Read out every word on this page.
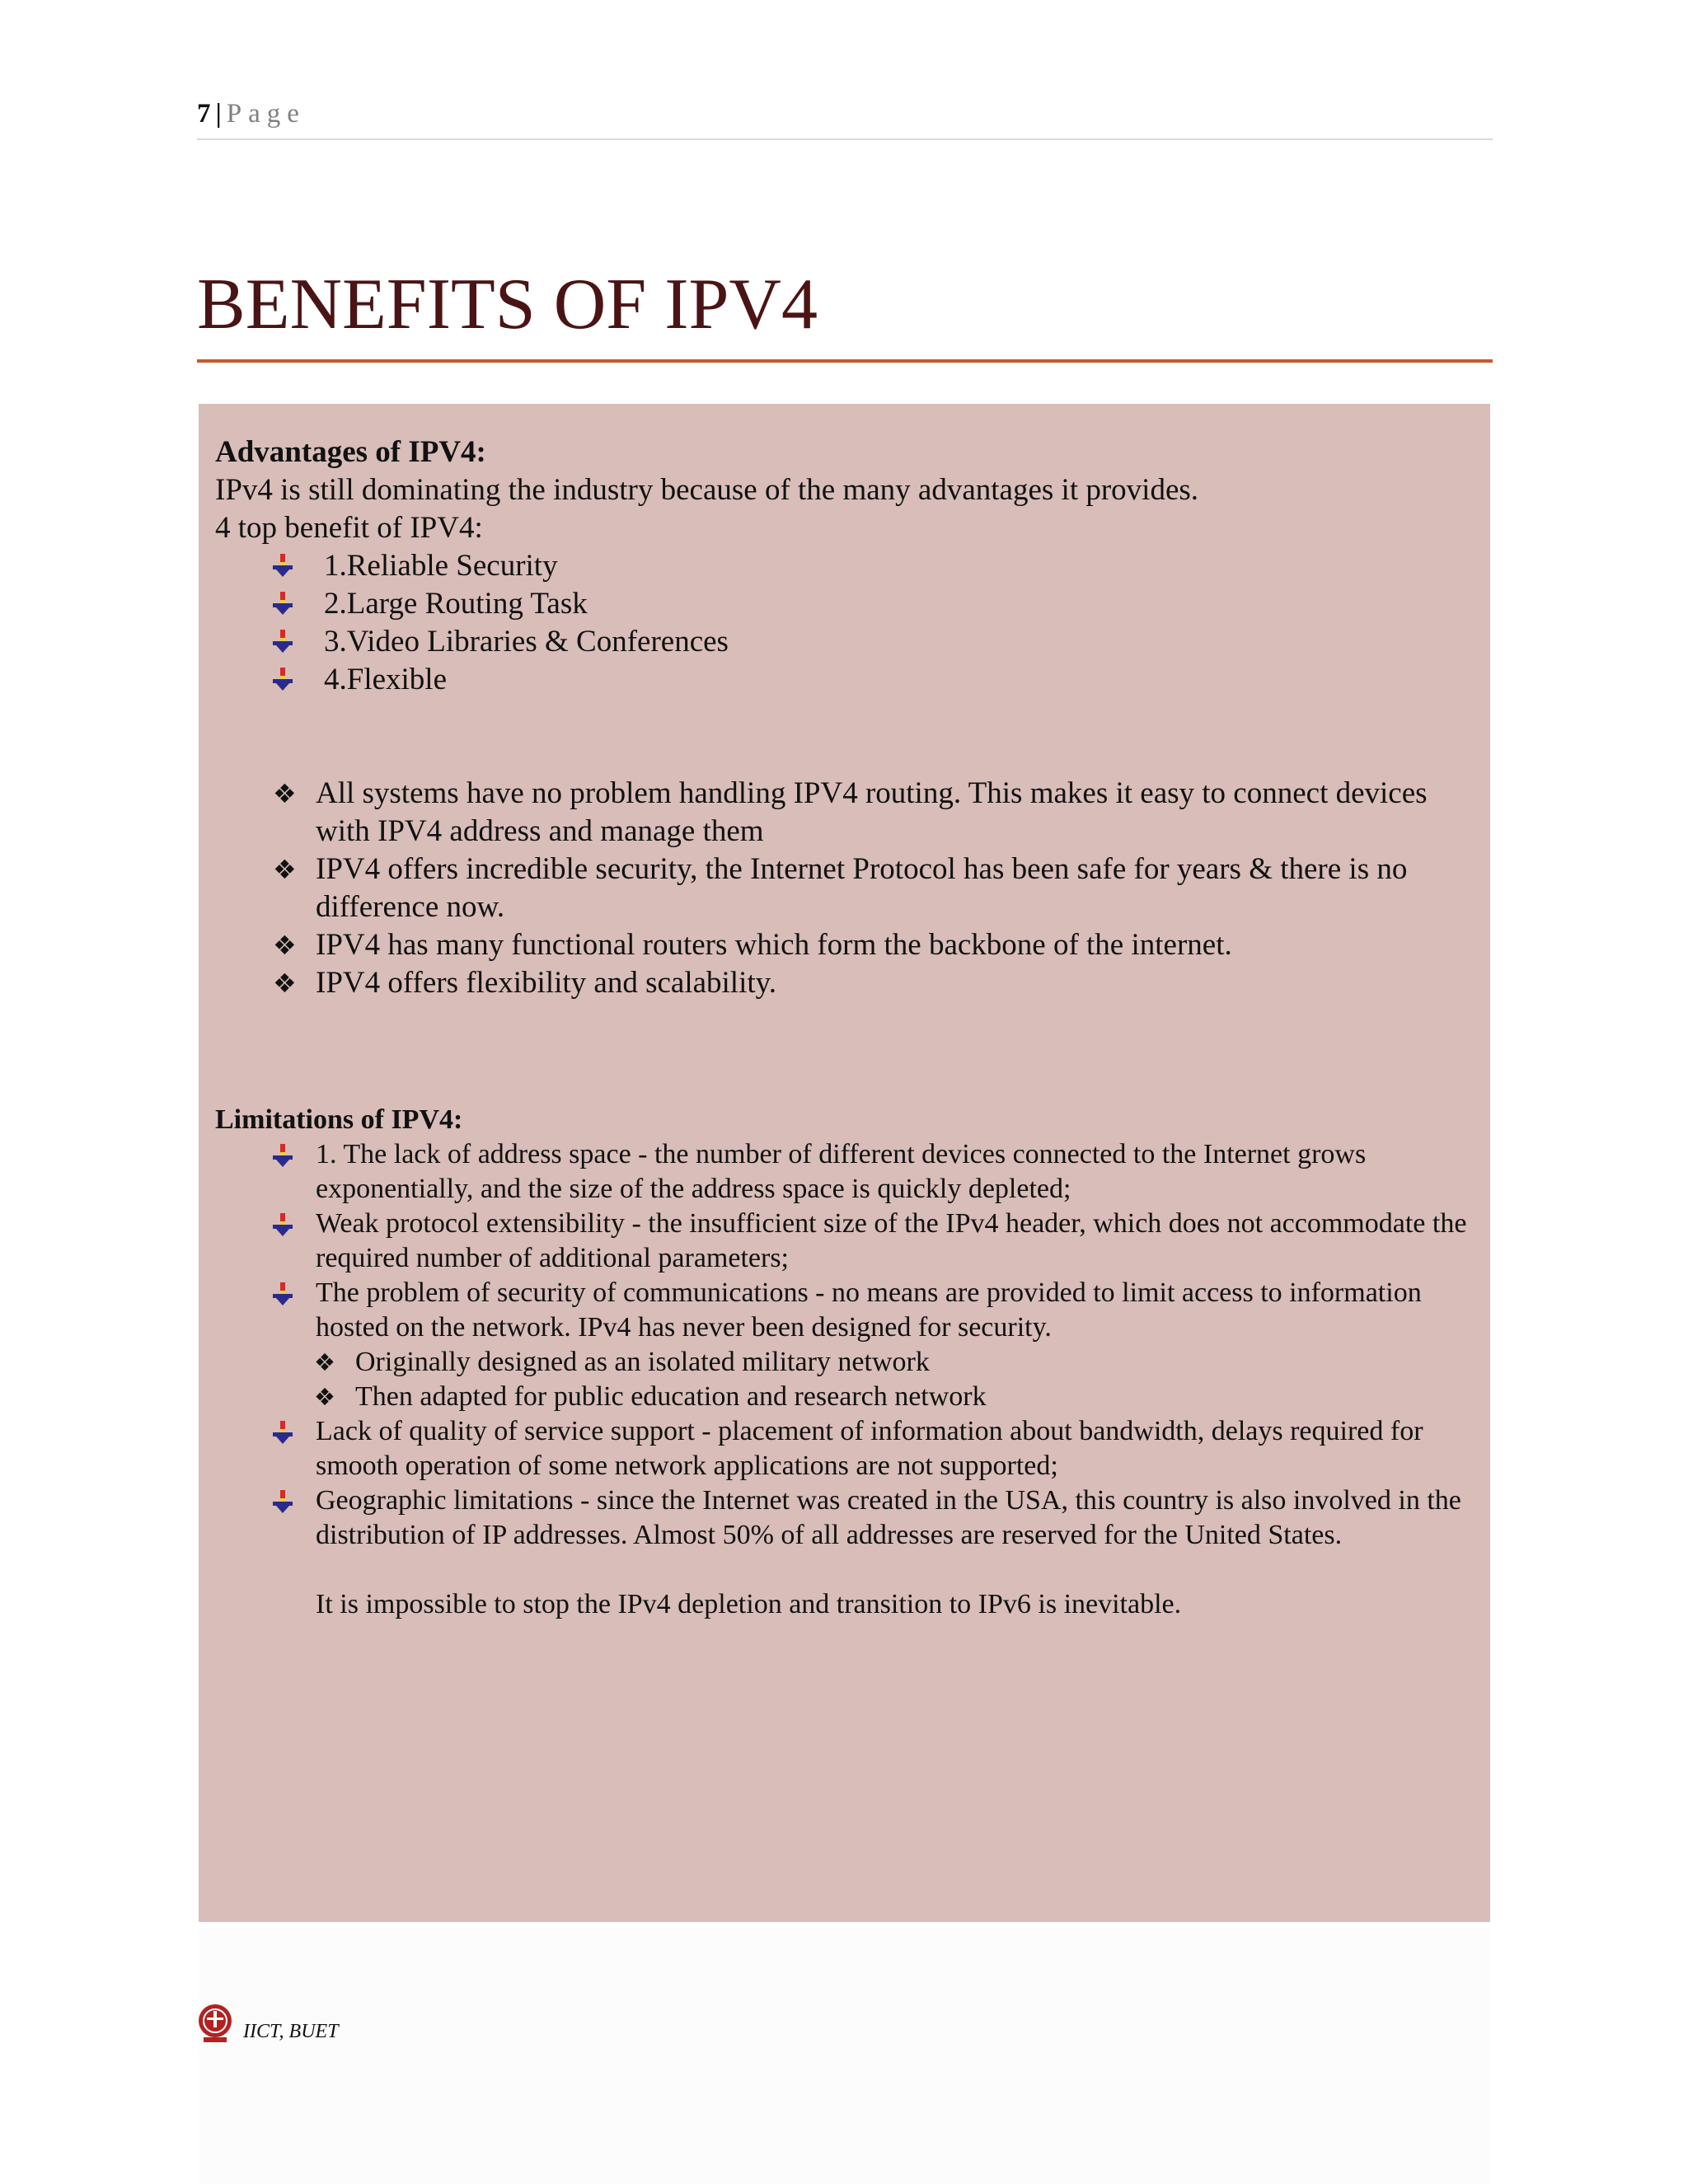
7 | Page
BENEFITS OF IPV4
Advantages of IPV4:
IPv4 is still dominating the industry because of the many advantages it provides.
4 top benefit of IPV4:
1.Reliable Security
2.Large Routing Task
3.Video Libraries & Conferences
4.Flexible
❖ All systems have no problem handling IPV4 routing. This makes it easy to connect devices with IPV4 address and manage them
❖ IPV4 offers incredible security, the Internet Protocol has been safe for years & there is no difference now.
❖ IPV4 has many functional routers which form the backbone of the internet.
❖ IPV4 offers flexibility and scalability.
Limitations of IPV4:
1. The lack of address space - the number of different devices connected to the Internet grows exponentially, and the size of the address space is quickly depleted;
Weak protocol extensibility - the insufficient size of the IPv4 header, which does not accommodate the required number of additional parameters;
The problem of security of communications - no means are provided to limit access to information hosted on the network. IPv4 has never been designed for security.
❖ Originally designed as an isolated military network
❖ Then adapted for public education and research network
Lack of quality of service support - placement of information about bandwidth, delays required for smooth operation of some network applications are not supported;
Geographic limitations - since the Internet was created in the USA, this country is also involved in the distribution of IP addresses. Almost 50% of all addresses are reserved for the United States.
It is impossible to stop the IPv4 depletion and transition to IPv6 is inevitable.
IICT, BUET
